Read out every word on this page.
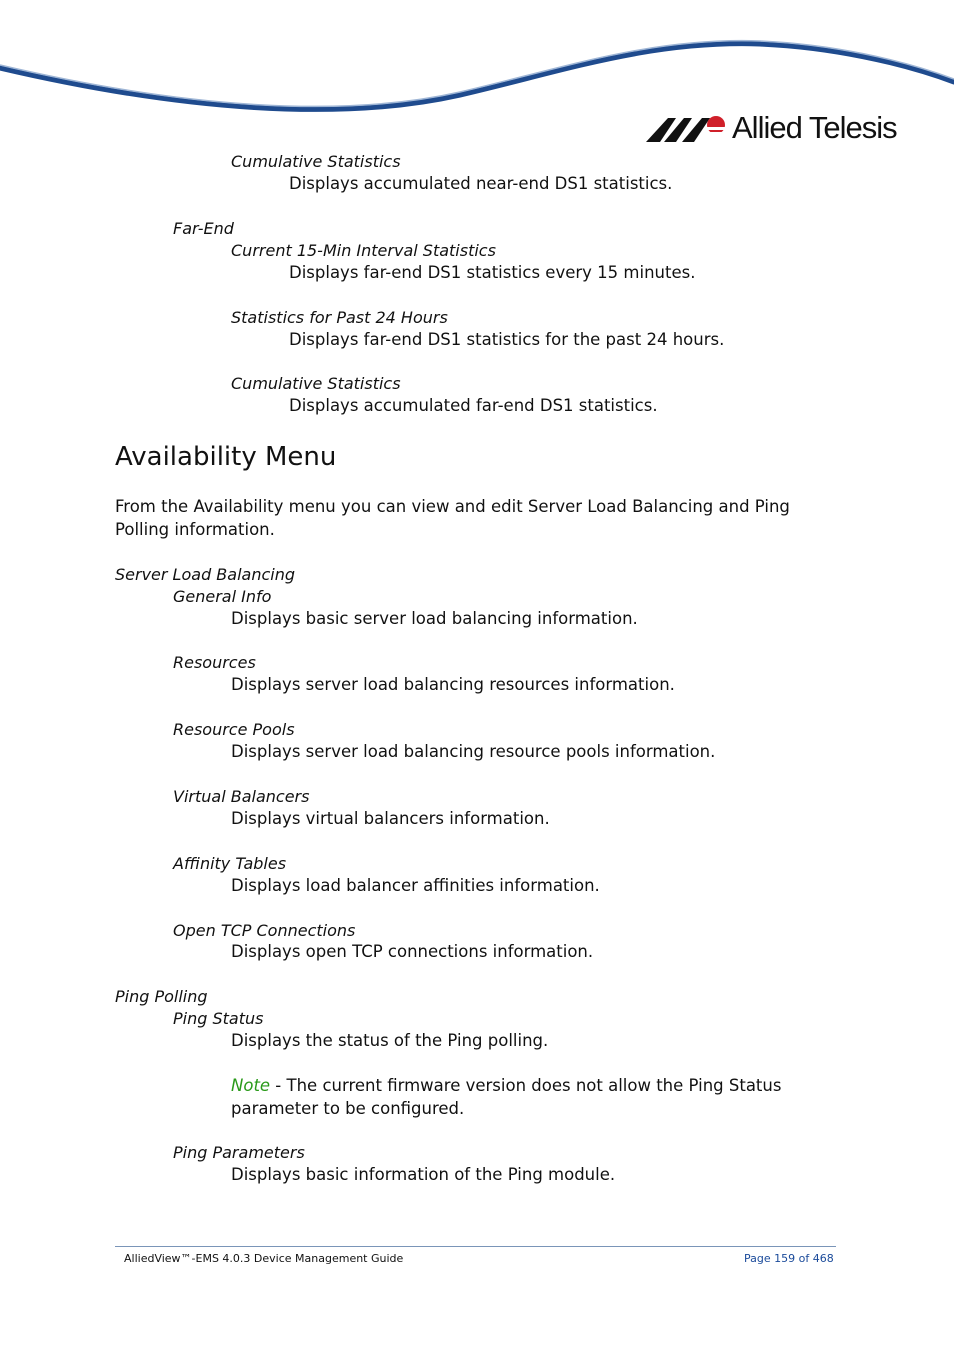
Allied Telesis
Cumulative Statistics
Displays accumulated near-end DS1 statistics.
Far-End
Current 15-Min Interval Statistics
Displays far-end DS1 statistics every 15 minutes.
Statistics for Past 24 Hours
Displays far-end DS1 statistics for the past 24 hours.
Cumulative Statistics
Displays accumulated far-end DS1 statistics.
Availability Menu
From the Availability menu you can view and edit Server Load Balancing and Ping Polling information.
Server Load Balancing
General Info
Displays basic server load balancing information.
Resources
Displays server load balancing resources information.
Resource Pools
Displays server load balancing resource pools information.
Virtual Balancers
Displays virtual balancers information.
Affinity Tables
Displays load balancer affinities information.
Open TCP Connections
Displays open TCP connections information.
Ping Polling
Ping Status
Displays the status of the Ping polling.
Ping Parameters
Displays basic information of the Ping module.
Note - The current firmware version does not allow the Ping Status parameter to be configured.
AlliedView™-EMS 4.0.3 Device Management Guide	Page 159 of 468
